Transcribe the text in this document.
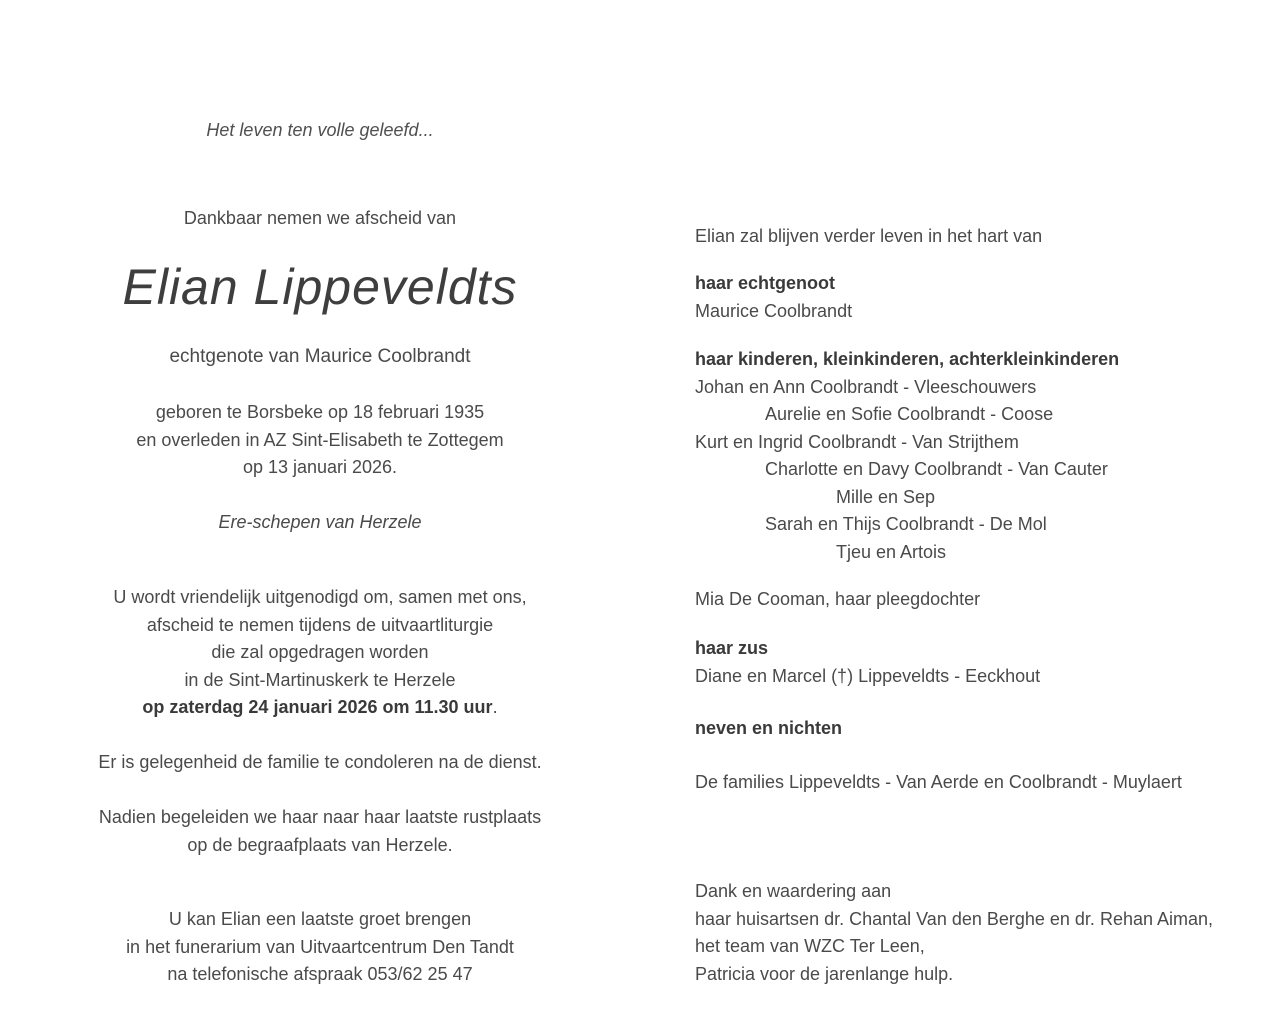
Het leven ten volle geleefd...
Dankbaar nemen we afscheid van
Elian Lippeveldts
echtgenote van Maurice Coolbrandt
geboren te Borsbeke op 18 februari 1935
en overleden in AZ Sint-Elisabeth te Zottegem
op 13 januari 2026.
Ere-schepen van Herzele
U wordt vriendelijk uitgenodigd om, samen met ons,
afscheid te nemen tijdens de uitvaartliturgie
die zal opgedragen worden
in de Sint-Martinuskerk te Herzele
op zaterdag 24 januari 2026 om 11.30 uur.
Er is gelegenheid de familie te condoleren na de dienst.
Nadien begeleiden we haar naar haar laatste rustplaats
op de begraafplaats van Herzele.
U kan Elian een laatste groet brengen
in het funerarium van Uitvaartcentrum Den Tandt
na telefonische afspraak 053/62 25 47
Elian zal blijven verder leven in het hart van
haar echtgenoot
Maurice Coolbrandt
haar kinderen, kleinkinderen, achterkleinkinderen
Johan en Ann Coolbrandt - Vleeschouwers
Aurelie en Sofie Coolbrandt - Coose
Kurt en Ingrid Coolbrandt - Van Strijthem
Charlotte en Davy Coolbrandt - Van Cauter
Mille en Sep
Sarah en Thijs Coolbrandt - De Mol
Tjeu en Artois
Mia De Cooman, haar pleegdochter
haar zus
Diane en Marcel (†) Lippeveldts - Eeckhout
neven en nichten
De families Lippeveldts - Van Aerde en Coolbrandt - Muylaert
Dank en waardering aan
haar huisartsen dr. Chantal Van den Berghe en dr. Rehan Aiman,
het team van WZC Ter Leen,
Patricia voor de jarenlange hulp.
